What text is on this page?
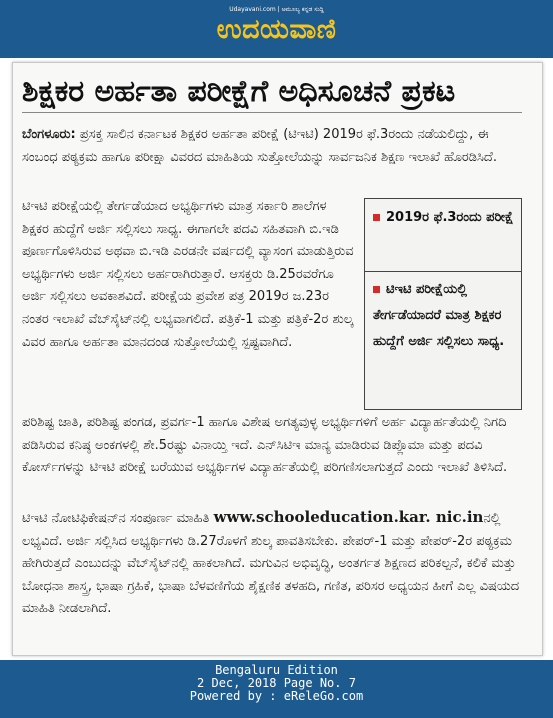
Udayavani.com | ಅಮೂಲ್ಯ ಕನ್ನಡ ಸುದ್ದಿ
ಉದಯವಾಣಿ
ಶಿಕ್ಷಕರ ಅರ್ಹತಾ ಪರೀಕ್ಷೆಗೆ ಅಧಿಸೂಚನೆ ಪ್ರಕಟ
ಬೆಂಗಳೂರು: ಪ್ರಸಕ್ತ ಸಾಲಿನ ಕರ್ನಾಟಕ ಶಿಕ್ಷಕರ ಅರ್ಹತಾ ಪರೀಕ್ಷೆ (ಟಿಇಟಿ) 2019ರ ಫೆ.3ರಂದು ನಡೆಯಲಿದ್ದು, ಈ ಸಂಬಂಧ ಪಠ್ಯಕ್ರಮ ಹಾಗೂ ಪರೀಕ್ಷಾ ವಿವರದ ಮಾಹಿತಿಯ ಸುತ್ತೋಲೆಯನ್ನು ಸಾರ್ವಜನಿಕ ಶಿಕ್ಷಣ ಇಲಾಖೆ ಹೊರಡಿಸಿದೆ.
ಟಿಇಟಿ ಪರೀಕ್ಷೆಯಲ್ಲಿ ತೇರ್ಗಡೆಯಾದ ಅಭ್ಯರ್ಥಿಗಳು ಮಾತ್ರ ಸರ್ಕಾರಿ ಶಾಲೆಗಳ ಶಿಕ್ಷಕರ ಹುದ್ದೆಗೆ ಅರ್ಜಿ ಸಲ್ಲಿಸಲು ಸಾಧ್ಯ. ಈಗಾಗಲೇ ಪದವಿ ಸಹಿತವಾಗಿ ಬಿ.ಇಡಿ ಪೂರ್ಣಗೊಳಿಸಿರುವ ಅಥವಾ ಬಿ.ಇಡಿ ಎರಡನೇ ವರ್ಷದಲ್ಲಿ ವ್ಯಾಸಂಗ ಮಾಡುತ್ತಿರುವ ಅಭ್ಯರ್ಥಿಗಳು ಅರ್ಜಿ ಸಲ್ಲಿಸಲು ಅರ್ಹರಾಗಿರುತ್ತಾರೆ. ಆಸಕ್ತರು ಡಿ.25ರವರೆಗೂ ಅರ್ಜಿ ಸಲ್ಲಿಸಲು ಅವಕಾಶವಿದೆ. ಪರೀಕ್ಷೆಯ ಪ್ರವೇಶ ಪತ್ರ 2019ರ ಜ.23ರ ನಂತರ ಇಲಾಖೆ ವೆಬ್‌ಸೈಟ್‌ನಲ್ಲಿ ಲಭ್ಯವಾಗಲಿದೆ. ಪತ್ರಿಕೆ-1 ಮತ್ತು ಪತ್ರಿಕೆ-2ರ ಶುಲ್ಕ ವಿವರ ಹಾಗೂ ಅರ್ಹತಾ ಮಾನದಂಡ ಸುತ್ತೋಲೆಯಲ್ಲಿ ಸ್ಪಷ್ಟವಾಗಿದೆ.
2019ರ ಫೆ.3ರಂದು ಪರೀಕ್ಷೆ
ಟಿಇಟಿ ಪರೀಕ್ಷೆಯಲ್ಲಿ ತೇರ್ಗಡೆಯಾದರೆ ಮಾತ್ರ ಶಿಕ್ಷಕರ ಹುದ್ದೆಗೆ ಅರ್ಜಿ ಸಲ್ಲಿಸಲು ಸಾಧ್ಯ.
ಪರಿಶಿಷ್ಟ ಜಾತಿ, ಪರಿಶಿಷ್ಟ ಪಂಗಡ, ಪ್ರವರ್ಗ-1 ಹಾಗೂ ವಿಶೇಷ ಅಗತ್ಯವುಳ್ಳ ಅಭ್ಯರ್ಥಿಗಳಿಗೆ ಅರ್ಹ ವಿದ್ಯಾರ್ಹತೆಯಲ್ಲಿ ನಿಗದಿ ಪಡಿಸಿರುವ ಕನಿಷ್ಠ ಅಂಕಗಳಲ್ಲಿ ಶೇ.5ರಷ್ಟು ವಿನಾಯ್ತಿ ಇದೆ. ಎನ್‌ಸಿಟಿಇ ಮಾನ್ಯ ಮಾಡಿರುವ ಡಿಪ್ಲೊಮಾ ಮತ್ತು ಪದವಿ ಕೋರ್ಸ್‌ಗಳನ್ನು ಟಿಇಟಿ ಪರೀಕ್ಷೆ ಬರೆಯುವ ಅಭ್ಯರ್ಥಿಗಳ ವಿದ್ಯಾರ್ಹತೆಯಲ್ಲಿ ಪರಿಗಣಿಸಲಾಗುತ್ತದೆ ಎಂದು ಇಲಾಖೆ ತಿಳಿಸಿದೆ.
ಟಿಇಟಿ ನೋಟಿಫಿಕೇಷನ್‌ನ ಸಂಪೂರ್ಣ ಮಾಹಿತಿ www.schooleducation.kar. nic.inನಲ್ಲಿ ಲಭ್ಯವಿದೆ. ಅರ್ಜಿ ಸಲ್ಲಿಸಿದ ಅಭ್ಯರ್ಥಿಗಳು ಡಿ.27ರೊಳಗೆ ಶುಲ್ಕ ಪಾವತಿಸಬೇಕು. ಪೇಪರ್-1 ಮತ್ತು ಪೇಪರ್-2ರ ಪಠ್ಯಕ್ರಮ ಹೇಗಿರುತ್ತದೆ ಎಂಬುದನ್ನು ವೆಬ್‌ಸೈಟ್‌ನಲ್ಲಿ ಹಾಕಲಾಗಿದೆ. ಮಗುವಿನ ಅಭಿವೃದ್ಧಿ, ಅಂತರ್ಗತ ಶಿಕ್ಷಣದ ಪರಿಕಲ್ಪನೆ, ಕಲಿಕೆ ಮತ್ತು ಬೋಧನಾ ಶಾಸ್ತ್ರ, ಭಾಷಾ ಗ್ರಹಿಕೆ, ಭಾಷಾ ಬೆಳವಣಿಗೆಯ ಶೈಕ್ಷಣಿಕ ತಳಹದಿ, ಗಣಿತ, ಪರಿಸರ ಅಧ್ಯಯನ ಹೀಗೆ ಎಲ್ಲ ವಿಷಯದ ಮಾಹಿತಿ ನೀಡಲಾಗಿದೆ.
Bengaluru Edition
2 Dec, 2018 Page No. 7
Powered by : eReleGo.com
